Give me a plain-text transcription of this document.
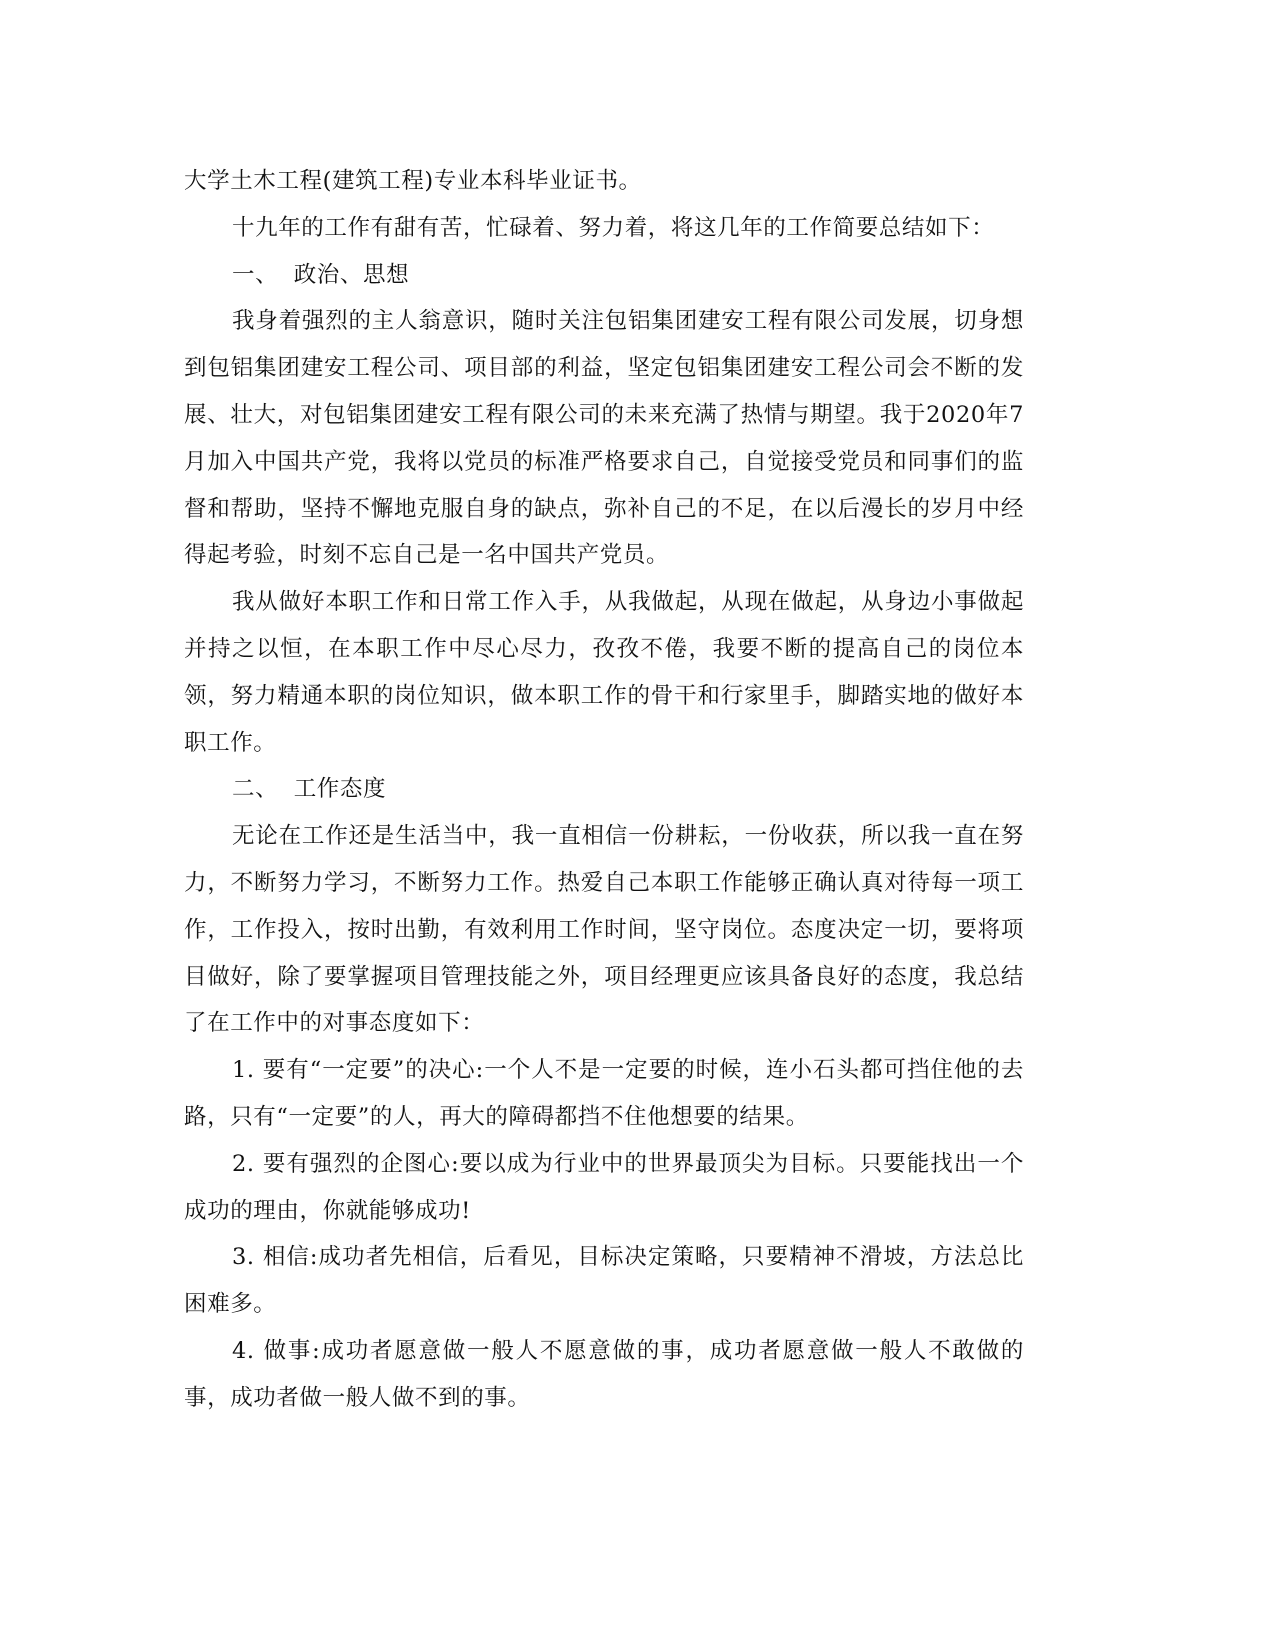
大学土木工程(建筑工程)专业本科毕业证书。

十九年的工作有甜有苦，忙碌着、努力着，将这几年的工作简要总结如下：

一、  政治、思想

我身着强烈的主人翁意识，随时关注包铝集团建安工程有限公司发展，切身想到包铝集团建安工程公司、项目部的利益，坚定包铝集团建安工程公司会不断的发展、壮大，对包铝集团建安工程有限公司的未来充满了热情与期望。我于2020年7月加入中国共产党，我将以党员的标准严格要求自己，自觉接受党员和同事们的监督和帮助，坚持不懈地克服自身的缺点，弥补自己的不足，在以后漫长的岁月中经得起考验，时刻不忘自己是一名中国共产党员。

我从做好本职工作和日常工作入手，从我做起，从现在做起，从身边小事做起并持之以恒，在本职工作中尽心尽力，孜孜不倦，我要不断的提高自己的岗位本领，努力精通本职的岗位知识，做本职工作的骨干和行家里手，脚踏实地的做好本职工作。

二、  工作态度

无论在工作还是生活当中，我一直相信一份耕耘，一份收获，所以我一直在努力，不断努力学习，不断努力工作。热爱自己本职工作能够正确认真对待每一项工作，工作投入，按时出勤，有效利用工作时间，坚守岗位。态度决定一切，要将项目做好，除了要掌握项目管理技能之外，项目经理更应该具备良好的态度，我总结了在工作中的对事态度如下：

1. 要有“一定要”的决心:一个人不是一定要的时候，连小石头都可挡住他的去路，只有“一定要”的人，再大的障碍都挡不住他想要的结果。

2. 要有强烈的企图心:要以成为行业中的世界最顶尖为目标。只要能找出一个成功的理由，你就能够成功!

3. 相信:成功者先相信，后看见，目标决定策略，只要精神不滑坡，方法总比困难多。

4. 做事:成功者愿意做一般人不愿意做的事，成功者愿意做一般人不敢做的事，成功者做一般人做不到的事。
